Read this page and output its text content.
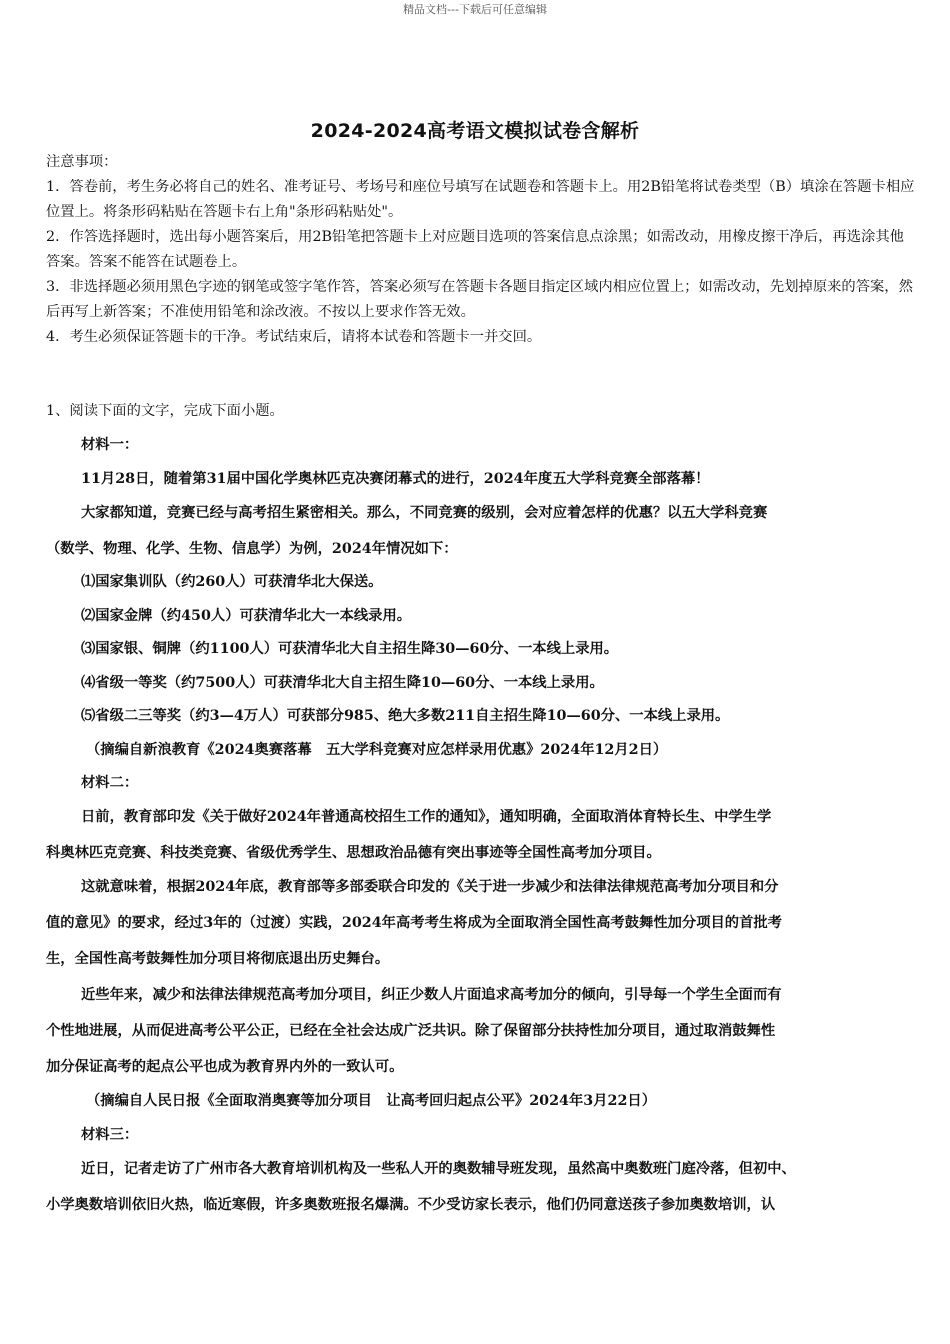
精品文档---下载后可任意编辑
2024-2024高考语文模拟试卷含解析

注意事项：

1．答卷前，考生务必将自己的姓名、准考证号、考场号和座位号填写在试题卷和答题卡上。用2B铅笔将试卷类型（B）填涂在答题卡相应位置上。将条形码粘贴在答题卡右上角"条形码粘贴处"。

2．作答选择题时，选出每小题答案后，用2B铅笔把答题卡上对应题目选项的答案信息点涂黑；如需改动，用橡皮擦干净后，再选涂其他答案。答案不能答在试题卷上。

3．非选择题必须用黑色字迹的钢笔或签字笔作答，答案必须写在答题卡各题目指定区域内相应位置上；如需改动，先划掉原来的答案，然后再写上新答案；不准使用铅笔和涂改液。不按以上要求作答无效。

4．考生必须保证答题卡的干净。考试结束后，请将本试卷和答题卡一并交回。

1、阅读下面的文字，完成下面小题。
材料一：
11月28日，随着第31届中国化学奥林匹克决赛闭幕式的进行，2024年度五大学科竞赛全部落幕！
大家都知道，竞赛已经与高考招生紧密相关。那么，不同竞赛的级别，会对应着怎样的优惠？以五大学科竞赛
（数学、物理、化学、生物、信息学）为例，2024年情况如下：
⑴国家集训队（约260人）可获清华北大保送。
⑵国家金牌（约450人）可获清华北大一本线录用。
⑶国家银、铜牌（约1100人）可获清华北大自主招生降30—60分、一本线上录用。
⑷省级一等奖（约7500人）可获清华北大自主招生降10—60分、一本线上录用。
⑸省级二三等奖（约3—4万人）可获部分985、绝大多数211自主招生降10—60分、一本线上录用。
（摘编自新浪教育《2024奥赛落幕　五大学科竞赛对应怎样录用优惠》2024年12月2日）
材料二：
日前，教育部印发《关于做好2024年普通高校招生工作的通知》，通知明确，全面取消体育特长生、中学生学
科奥林匹克竞赛、科技类竞赛、省级优秀学生、思想政治品德有突出事迹等全国性高考加分项目。
这就意味着，根据2024年底，教育部等多部委联合印发的《关于进一步减少和法律法律规范高考加分项目和分
值的意见》的要求，经过3年的（过渡）实践，2024年高考考生将成为全面取消全国性高考鼓舞性加分项目的首批考
生，全国性高考鼓舞性加分项目将彻底退出历史舞台。
近些年来，减少和法律法律规范高考加分项目，纠正少数人片面追求高考加分的倾向，引导每一个学生全面而有
个性地进展，从而促进高考公平公正，已经在全社会达成广泛共识。除了保留部分扶持性加分项目，通过取消鼓舞性
加分保证高考的起点公平也成为教育界内外的一致认可。
（摘编自人民日报《全面取消奥赛等加分项目　让高考回归起点公平》2024年3月22日）
材料三：
近日，记者走访了广州市各大教育培训机构及一些私人开的奥数辅导班发现，虽然高中奥数班门庭冷落，但初中、
小学奥数培训依旧火热，临近寒假，许多奥数班报名爆满。不少受访家长表示，他们仍同意送孩子参加奥数培训，认
